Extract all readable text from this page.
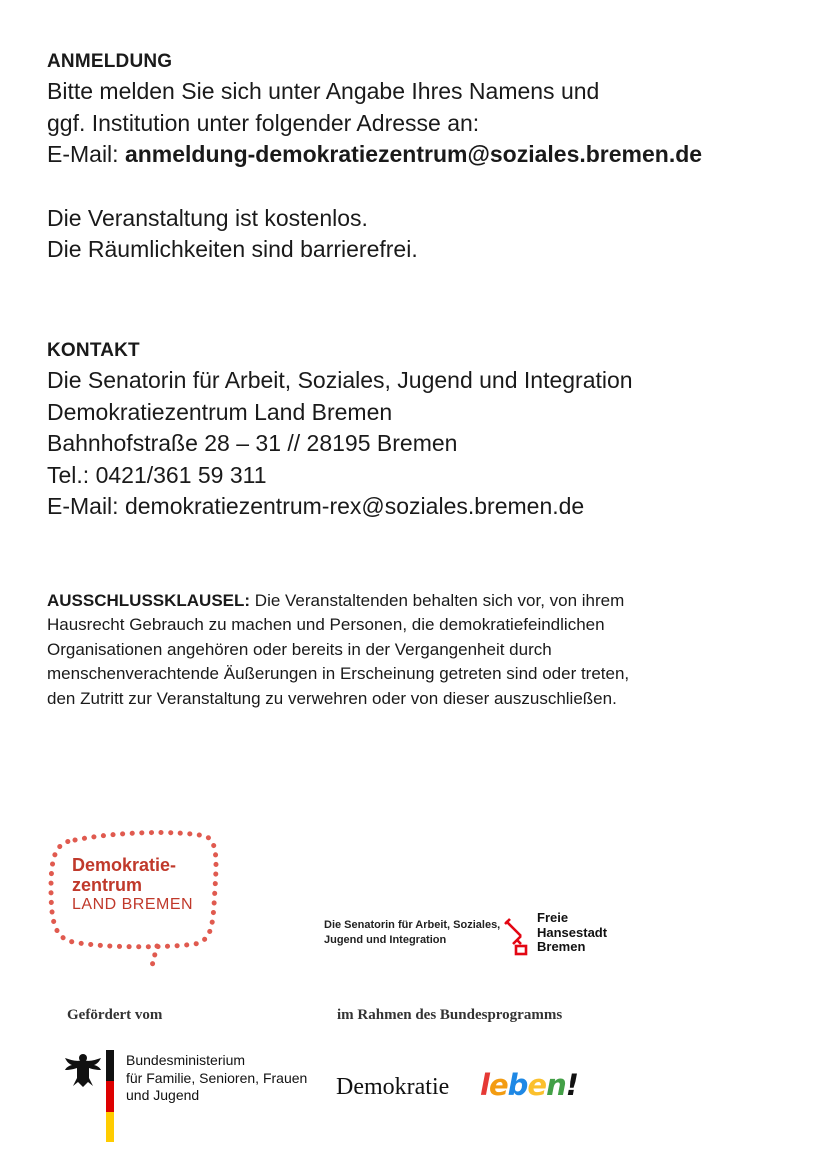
ANMELDUNG
Bitte melden Sie sich unter Angabe Ihres Namens und
ggf. Institution unter folgender Adresse an:
E-Mail: anmeldung-demokratiezentrum@soziales.bremen.de
Die Veranstaltung ist kostenlos.
Die Räumlichkeiten sind barrierefrei.
KONTAKT
Die Senatorin für Arbeit, Soziales, Jugend und Integration
Demokratiezentrum Land Bremen
Bahnhofstraße 28 – 31 // 28195 Bremen
Tel.: 0421/361 59 311
E-Mail: demokratiezentrum-rex@soziales.bremen.de

AUSSCHLUSSKLAUSEL: Die Veranstaltenden behalten sich vor, von ihrem

Hausrecht Gebrauch zu machen und Personen, die demokratiefeindlichen

Organisationen angehören oder bereits in der Vergangenheit durch

menschenverachtende Äußerungen in Erscheinung getreten sind oder treten,

den Zutritt zur Veranstaltung zu verwehren oder von dieser auszuschließen.

Demokratie-
zentrum
LAND BREMEN
Die Senatorin für Arbeit, Soziales,
Jugend und Integration
Freie
Hansestadt
Bremen
Gefördert vom	im Rahmen des Bundesprogramms
Bundesministerium
für Familie, Senioren, Frauen
und Jugend	Demokratie leben!
